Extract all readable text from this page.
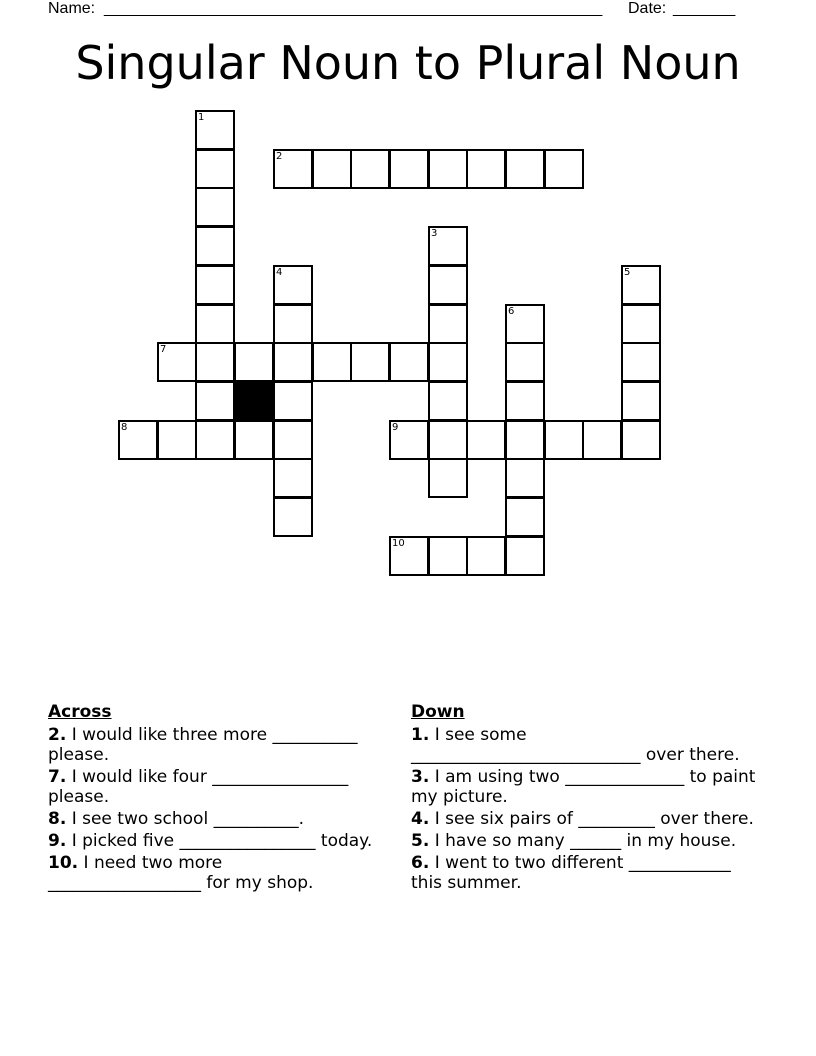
Name: ________________________________________________________ Date: _______
Singular Noun to Plural Noun
1
2
3
4	5
6
7
8	9
10
Across
2. I would like three more __________ please.
7. I would like four ________________ please.
8. I see two school __________.
9. I picked five ________________ today.
10. I need two more __________________ for my shop.
Down
1. I see some ___________________________ over there.
3. I am using two ______________ to paint my picture.
4. I see six pairs of _________ over there.
5. I have so many ______ in my house.
6. I went to two different ____________ this summer.
